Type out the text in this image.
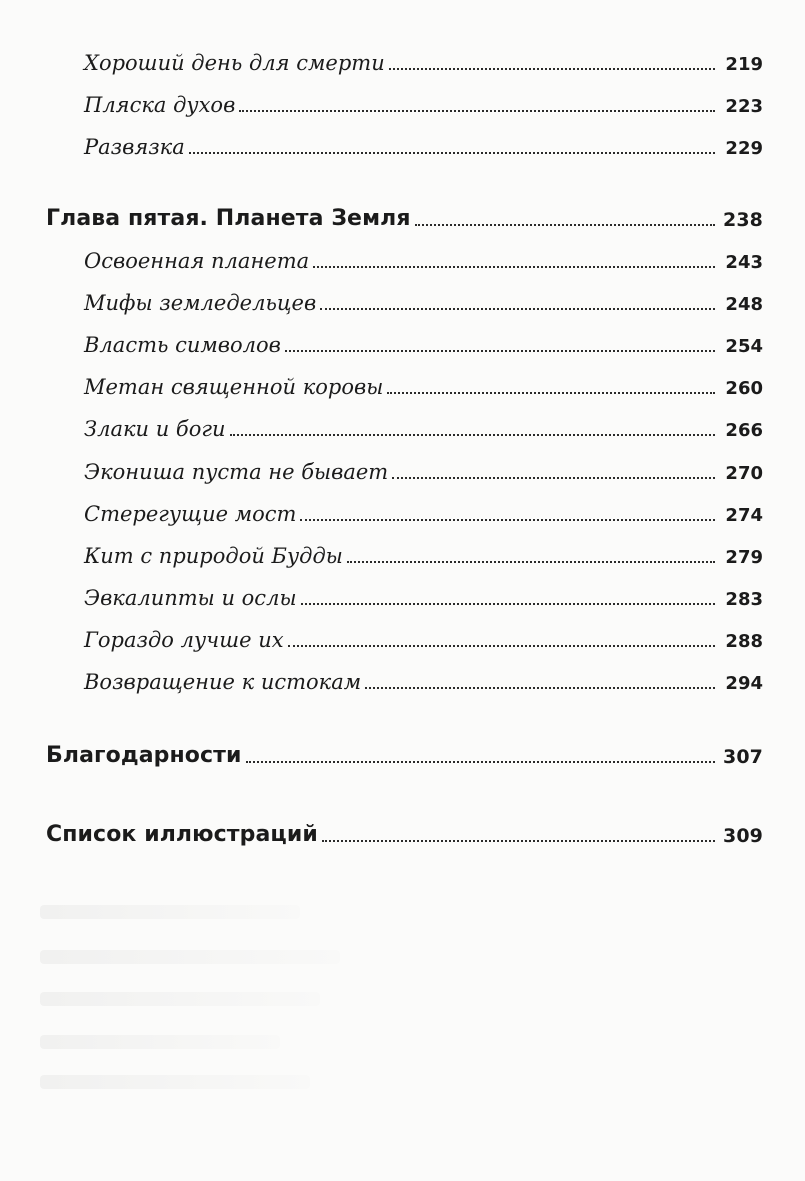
Хороший день для смерти	219
Пляска духов	223
Развязка	229
Глава пятая. Планета Земля	238
Освоенная планета	243
Мифы земледельцев	248
Власть символов	254
Метан священной коровы	260
Злаки и боги	266
Экониша пуста не бывает	270
Стерегущие мост	274
Кит с природой Будды	279
Эвкалипты и ослы	283
Гораздо лучше их	288
Возвращение к истокам	294
Благодарности	307
Список иллюстраций	309
